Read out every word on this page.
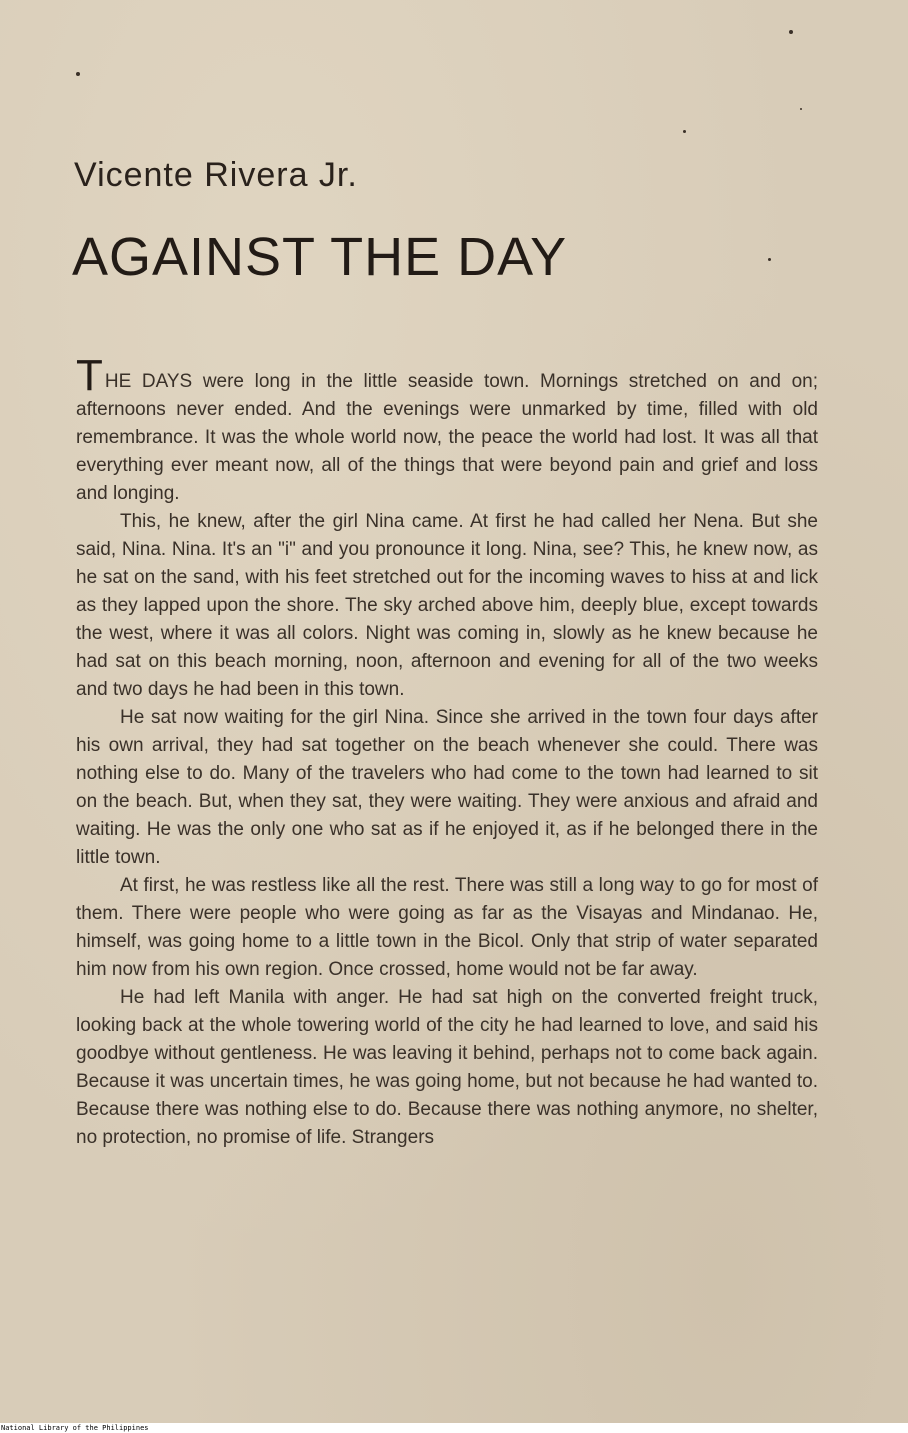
Vicente Rivera Jr.
AGAINST THE DAY

THE DAYS were long in the little seaside town. Mornings stretched on and on; afternoons never ended. And the evenings were unmarked by time, filled with old remembrance. It was the whole world now, the peace the world had lost. It was all that everything ever meant now, all of the things that were beyond pain and grief and loss and longing.

This, he knew, after the girl Nina came. At first he had called her Nena. But she said, Nina. Nina. It's an "i" and you pronounce it long. Nina, see? This, he knew now, as he sat on the sand, with his feet stretched out for the incoming waves to hiss at and lick as they lapped upon the shore. The sky arched above him, deeply blue, except towards the west, where it was all colors. Night was coming in, slowly as he knew because he had sat on this beach morning, noon, afternoon and evening for all of the two weeks and two days he had been in this town.

He sat now waiting for the girl Nina. Since she arrived in the town four days after his own arrival, they had sat together on the beach whenever she could. There was nothing else to do. Many of the travelers who had come to the town had learned to sit on the beach. But, when they sat, they were waiting. They were anxious and afraid and waiting. He was the only one who sat as if he enjoyed it, as if he belonged there in the little town.

At first, he was restless like all the rest. There was still a long way to go for most of them. There were people who were going as far as the Visayas and Mindanao. He, himself, was going home to a little town in the Bicol. Only that strip of water separated him now from his own region. Once crossed, home would not be far away.

He had left Manila with anger. He had sat high on the converted freight truck, looking back at the whole towering world of the city he had learned to love, and said his goodbye without gentleness. He was leaving it behind, perhaps not to come back again. Because it was uncertain times, he was going home, but not because he had wanted to. Because there was nothing else to do. Because there was nothing anymore, no shelter, no protection, no promise of life. Strangers

National Library of the Philippines
